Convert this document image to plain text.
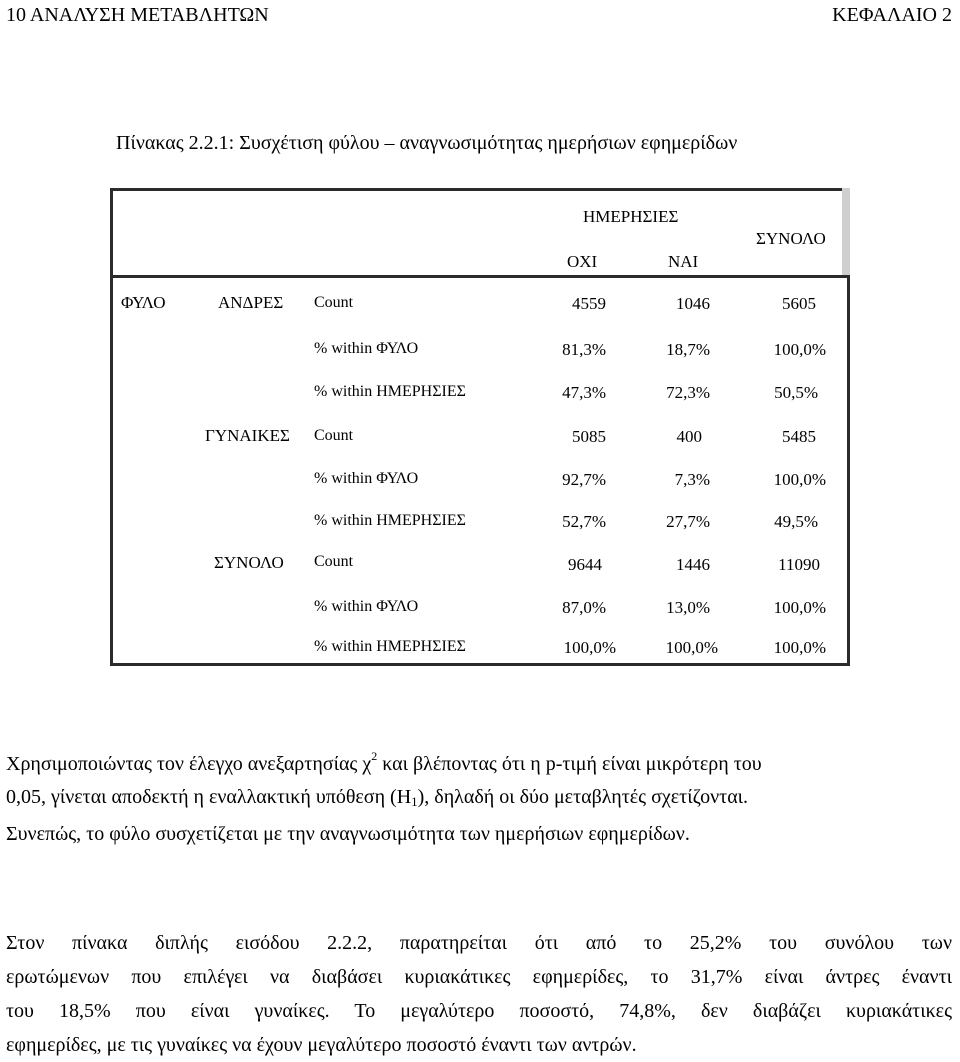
10 ΑΝΑΛΥΣΗ ΜΕΤΑΒΛΗΤΩΝ	ΚΕΦΑΛΑΙΟ 2
Πίνακας 2.2.1: Συσχέτιση φύλου – αναγνωσιμότητας ημερήσιων εφημερίδων
ΗΜΕΡΗΣΙΕΣ
ΟΧΙ	ΝΑΙ
ΣΥΝΟΛΟ
ΦΥΛΟ	ΑΝΔΡΕΣ Count	4559	1046	5605
% within ΦΥΛΟ	81,3%	18,7%	100,0%
% within ΗΜΕΡΗΣΙΕΣ	47,3%	72,3%	50,5%
ΓΥΝΑΙΚΕΣ Count	5085	400	5485
% within ΦΥΛΟ	92,7%	7,3%	100,0%
% within ΗΜΕΡΗΣΙΕΣ	52,7%	27,7%	49,5%
ΣΥΝΟΛΟ Count	9644	1446	11090
% within ΦΥΛΟ	87,0%	13,0%	100,0%
% within ΗΜΕΡΗΣΙΕΣ	100,0%	100,0%	100,0%
Χρησιμοποιώντας τον έλεγχο ανεξαρτησίας $\chi^2$ και βλέποντας ότι η p-τιμή είναι μικρότερη του
0,05, γίνεται αποδεκτή η εναλλακτική υπόθεση $(H_1)$, δηλαδή οι δύο μεταβλητές σχετίζονται.
Συνεπώς, το φύλο συσχετίζεται με την αναγνωσιμότητα των ημερήσιων εφημερίδων.
Στον πίνακα διπλής εισόδου 2.2.2, παρατηρείται ότι από το 25,2% του συνόλου των
ερωτώμενων που επιλέγει να διαβάσει κυριακάτικες εφημερίδες, το 31,7% είναι άντρες έναντι
του 18,5% που είναι γυναίκες. Το μεγαλύτερο ποσοστό, 74,8%, δεν διαβάζει κυριακάτικες
εφημερίδες, με τις γυναίκες να έχουν μεγαλύτερο ποσοστό έναντι των αντρών.
